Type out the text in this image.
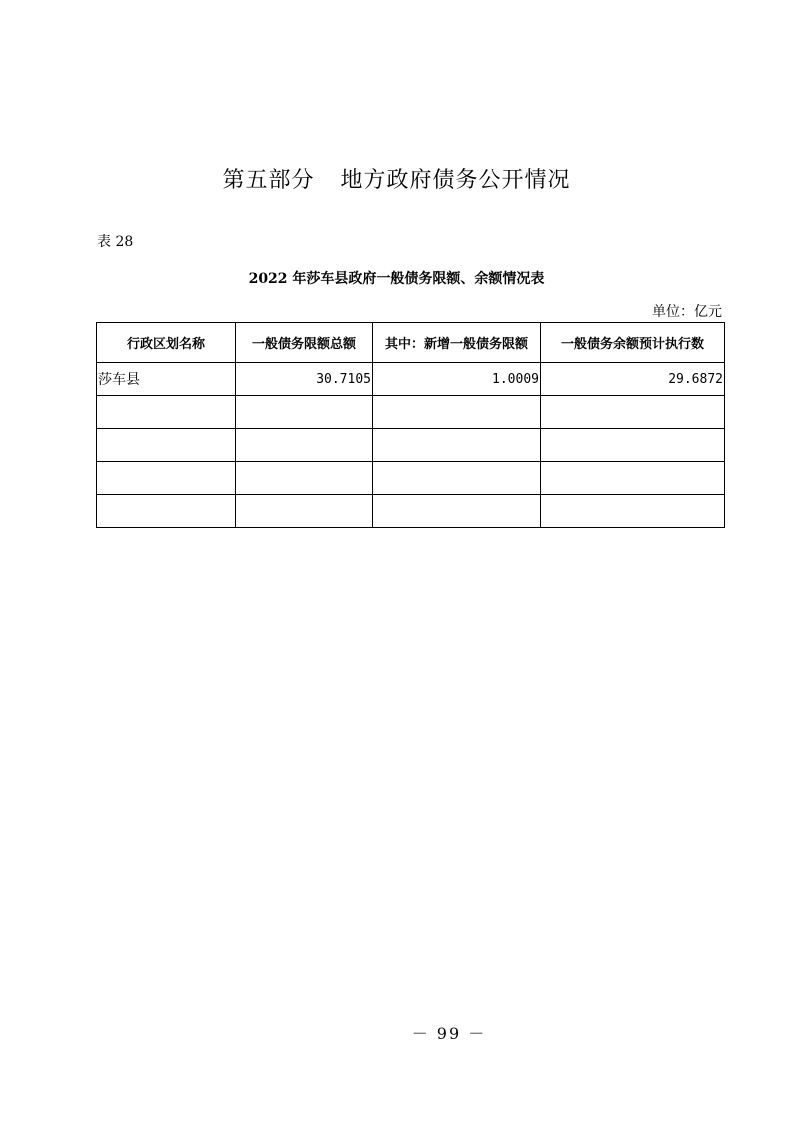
第五部分 地方政府债务公开情况
表 28
2022 年莎车县政府一般债务限额、余额情况表
单位：亿元
行政区划名称	一般债务限额总额	其中：新增一般债务限额	一般债务余额预计执行数
莎车县	30.7105	1.0009	29.6872

－ 99 －
